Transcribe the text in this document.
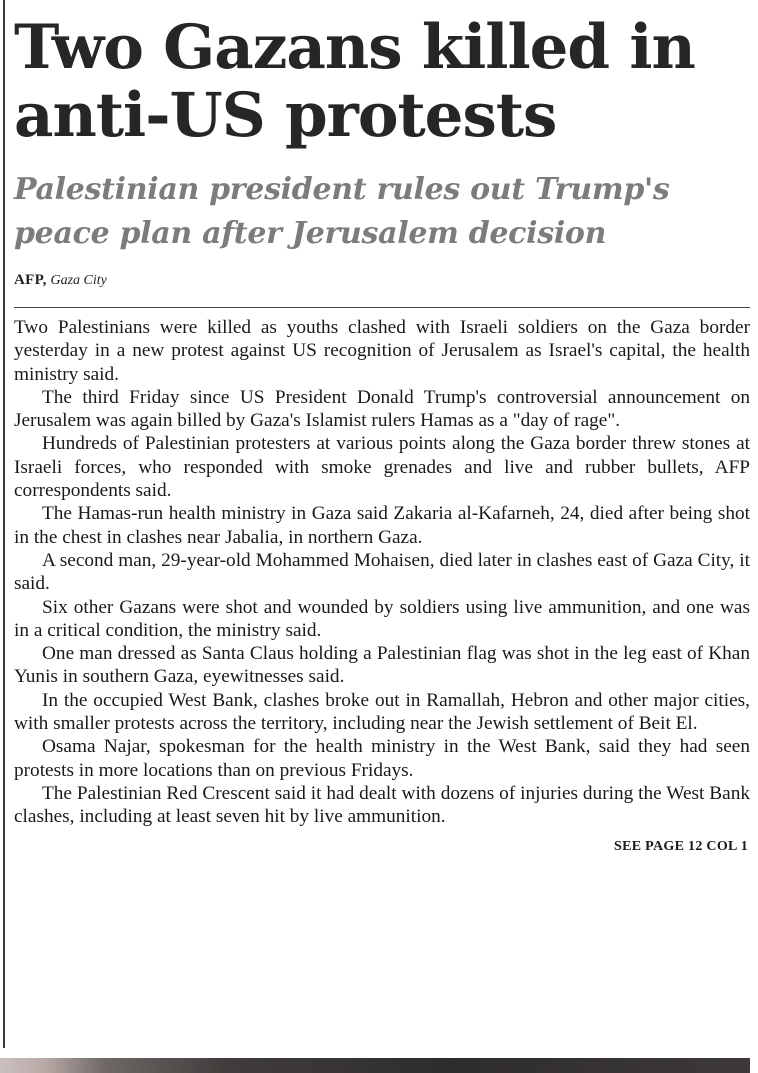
Two Gazans killed in anti-US protests
Palestinian president rules out Trump's peace plan after Jerusalem decision
AFP, Gaza City

Two Palestinians were killed as youths clashed with Israeli soldiers on the Gaza border yesterday in a new protest against US recognition of Jerusalem as Israel's capital, the health ministry said.

The third Friday since US President Donald Trump's controversial announcement on Jerusalem was again billed by Gaza's Islamist rulers Hamas as a "day of rage".

Hundreds of Palestinian protesters at various points along the Gaza border threw stones at Israeli forces, who responded with smoke grenades and live and rubber bullets, AFP correspondents said.

The Hamas-run health ministry in Gaza said Zakaria al-Kafarneh, 24, died after being shot in the chest in clashes near Jabalia, in northern Gaza.

A second man, 29-year-old Mohammed Mohaisen, died later in clashes east of Gaza City, it said.

Six other Gazans were shot and wounded by soldiers using live ammunition, and one was in a critical condition, the ministry said.

One man dressed as Santa Claus holding a Palestinian flag was shot in the leg east of Khan Yunis in southern Gaza, eyewitnesses said.

In the occupied West Bank, clashes broke out in Ramallah, Hebron and other major cities, with smaller protests across the territory, including near the Jewish settlement of Beit El.

Osama Najar, spokesman for the health ministry in the West Bank, said they had seen protests in more locations than on previous Fridays.

The Palestinian Red Crescent said it had dealt with dozens of injuries during the West Bank clashes, including at least seven hit by live ammunition.

SEE PAGE 12 COL 1
